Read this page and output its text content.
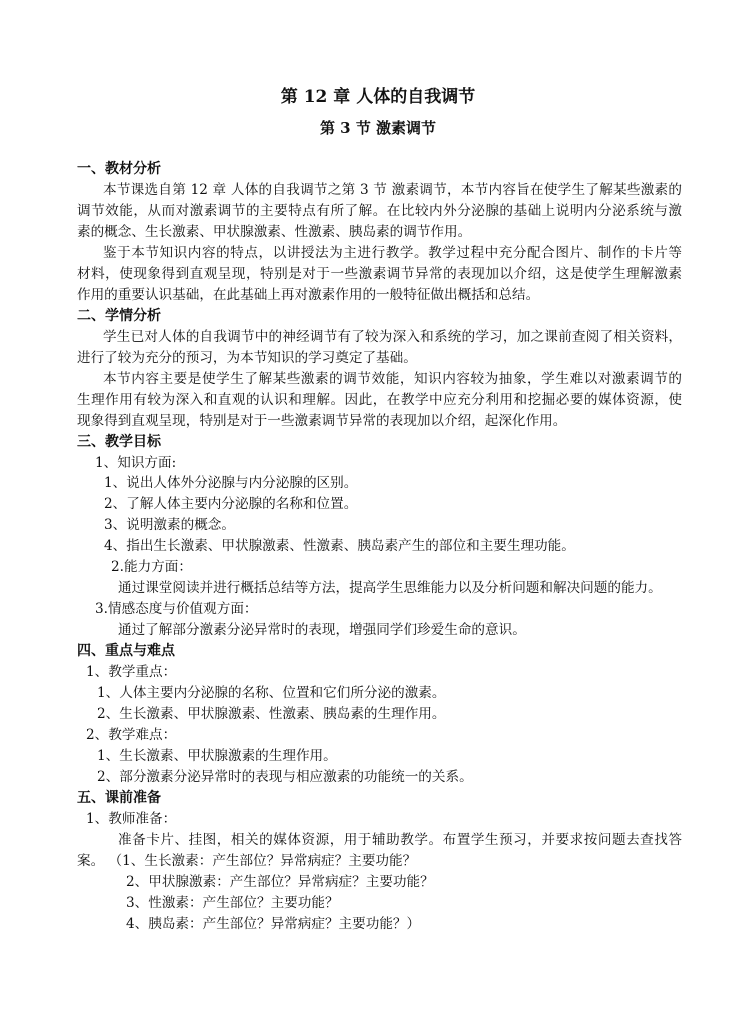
第 12 章 人体的自我调节
第 3 节 激素调节
一、教材分析
本节课选自第 12 章 人体的自我调节之第 3 节 激素调节，本节内容旨在使学生了解某些激素的
调节效能，从而对激素调节的主要特点有所了解。在比较内外分泌腺的基础上说明内分泌系统与激
素的概念、生长激素、甲状腺激素、性激素、胰岛素的调节作用。
鉴于本节知识内容的特点，以讲授法为主进行教学。教学过程中充分配合图片、制作的卡片等
材料，使现象得到直观呈现，特别是对于一些激素调节异常的表现加以介绍，这是使学生理解激素
作用的重要认识基础，在此基础上再对激素作用的一般特征做出概括和总结。
二、学情分析
学生已对人体的自我调节中的神经调节有了较为深入和系统的学习，加之课前查阅了相关资料，
进行了较为充分的预习，为本节知识的学习奠定了基础。
本节内容主要是使学生了解某些激素的调节效能，知识内容较为抽象，学生难以对激素调节的
生理作用有较为深入和直观的认识和理解。因此，在教学中应充分利用和挖掘必要的媒体资源，使
现象得到直观呈现，特别是对于一些激素调节异常的表现加以介绍，起深化作用。
三、教学目标
1、知识方面:
1、说出人体外分泌腺与内分泌腺的区别。
2、了解人体主要内分泌腺的名称和位置。
3、说明激素的概念。
4、指出生长激素、甲状腺激素、性激素、胰岛素产生的部位和主要生理功能。
2.能力方面：
通过课堂阅读并进行概括总结等方法，提高学生思维能力以及分析问题和解决问题的能力。
3.情感态度与价值观方面：
通过了解部分激素分泌异常时的表现，增强同学们珍爱生命的意识。
四、重点与难点
1、教学重点：
1、人体主要内分泌腺的名称、位置和它们所分泌的激素。
2、生长激素、甲状腺激素、性激素、胰岛素的生理作用。
2、教学难点：
1、生长激素、甲状腺激素的生理作用。
2、部分激素分泌异常时的表现与相应激素的功能统一的关系。
五、课前准备
1、教师准备：
准备卡片、挂图，相关的媒体资源，用于辅助教学。布置学生预习，并要求按问题去查找答
案。 （1、生长激素：产生部位？异常病症？主要功能？
2、甲状腺激素：产生部位？异常病症？主要功能？
3、性激素：产生部位？主要功能？
4、胰岛素：产生部位？异常病症？主要功能？）
